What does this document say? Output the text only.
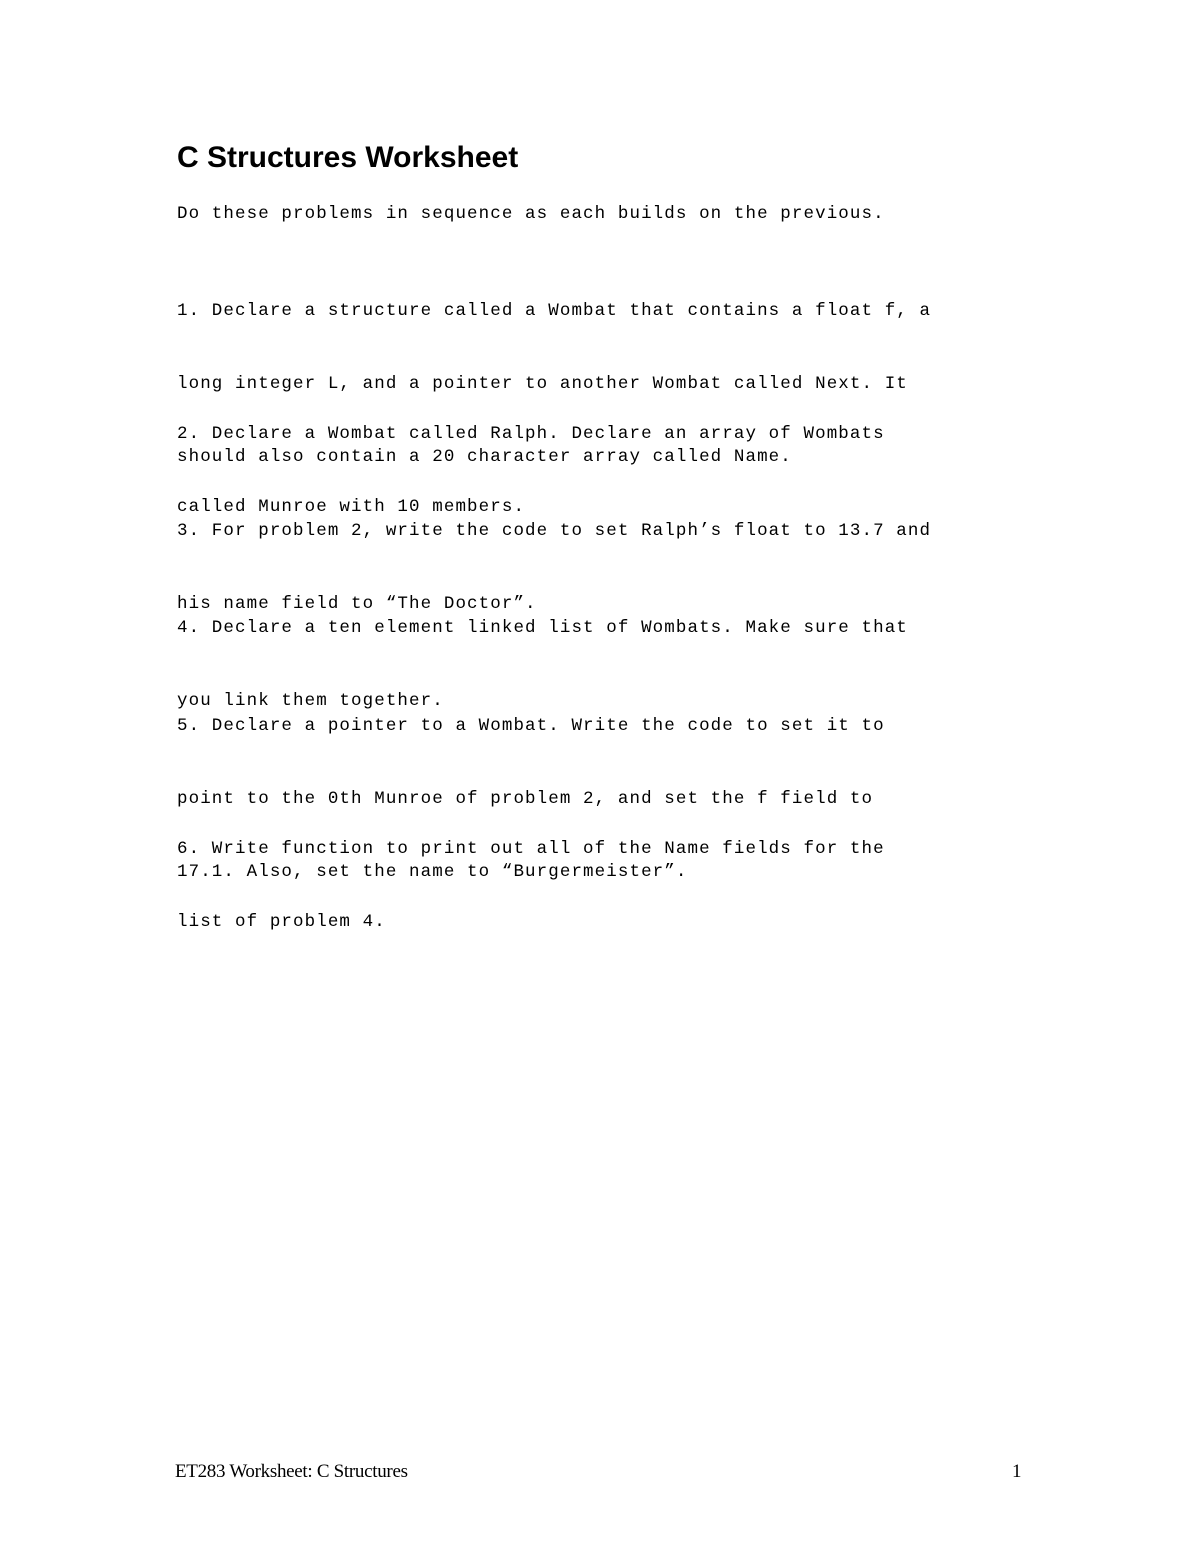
C Structures Worksheet

Do these problems in sequence as each builds on the previous.

1. Declare a structure called a Wombat that contains a float f, a

long integer L, and a pointer to another Wombat called Next. It

should also contain a 20 character array called Name.

2. Declare a Wombat called Ralph. Declare an array of Wombats

called Munroe with 10 members.

3. For problem 2, write the code to set Ralph’s float to 13.7 and

his name field to “The Doctor”.

4. Declare a ten element linked list of Wombats. Make sure that

you link them together.

5. Declare a pointer to a Wombat. Write the code to set it to

point to the 0th Munroe of problem 2, and set the f field to

17.1. Also, set the name to “Burgermeister”.

6. Write function to print out all of the Name fields for the

list of problem 4.

ET283 Worksheet: C Structures	1
